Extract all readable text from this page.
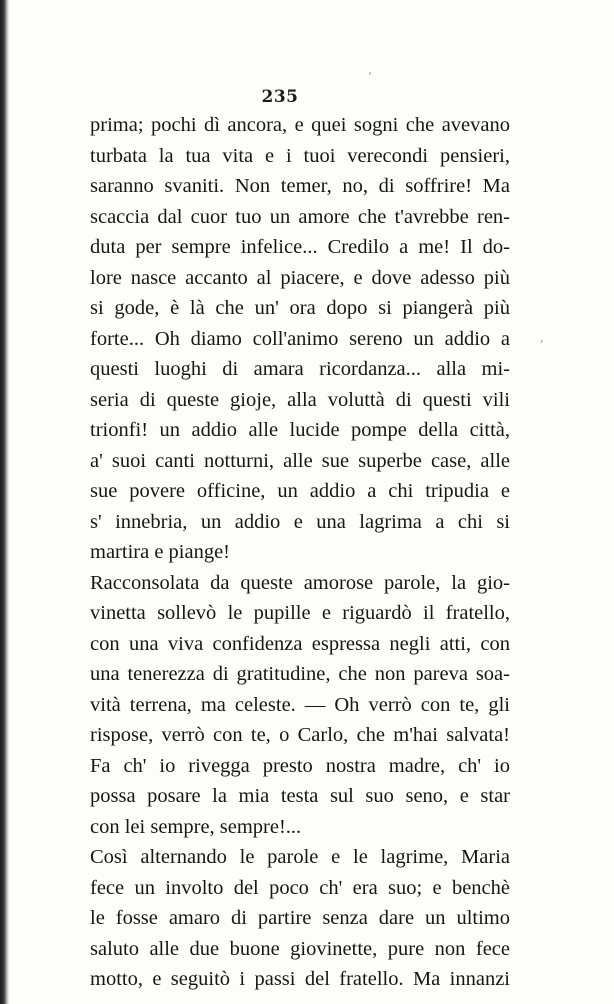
ʼ
ʼ
235
prima; pochi dì ancora, e quei sogni che avevano
turbata la tua vita e i tuoi verecondi pensieri,
saranno svaniti. Non temer, no, di soffrire! Ma
scaccia dal cuor tuo un amore che t'avrebbe ren-
duta per sempre infelice... Credilo a me! Il do-
lore nasce accanto al piacere, e dove adesso più
si gode, è là che un' ora dopo si piangerà più
forte... Oh diamo coll'animo sereno un addio a
questi luoghi di amara ricordanza... alla mi-
seria di queste gioje, alla voluttà di questi vili
trionfi! un addio alle lucide pompe della città,
a' suoi canti notturni, alle sue superbe case, alle
sue povere officine, un addio a chi tripudia e
s' innebria, un addio e una lagrima a chi si
martira e piange!
Racconsolata da queste amorose parole, la gio-
vinetta sollevò le pupille e riguardò il fratello,
con una viva confidenza espressa negli atti, con
una tenerezza di gratitudine, che non pareva soa-
vità terrena, ma celeste. — Oh verrò con te, gli
rispose, verrò con te, o Carlo, che m'hai salvata!
Fa ch' io rivegga presto nostra madre, ch' io
possa posare la mia testa sul suo seno, e star
con lei sempre, sempre!...
Così alternando le parole e le lagrime, Maria
fece un involto del poco ch' era suo; e benchè
le fosse amaro di partire senza dare un ultimo
saluto alle due buone giovinette, pure non fece
motto, e seguitò i passi del fratello. Ma innanzi
